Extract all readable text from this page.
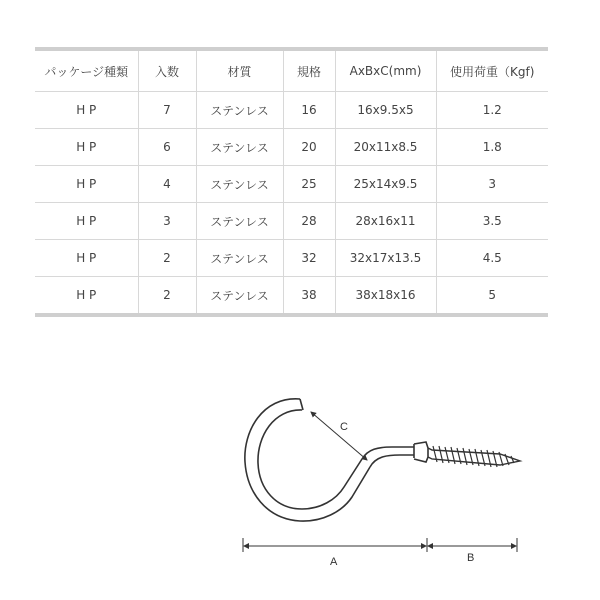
パッケージ種類	入数	材質	規格	AxBxC(mm)	使用荷重（Kgf)
H P	7	ステンレス	16	16x9.5x5	1.2
H P	6	ステンレス	20	20x11x8.5	1.8
H P	4	ステンレス	25	25x14x9.5	3
H P	3	ステンレス	28	28x16x11	3.5
H P	2	ステンレス	32	32x17x13.5	4.5
H P	2	ステンレス	38	38x18x16	5
C
A	B
